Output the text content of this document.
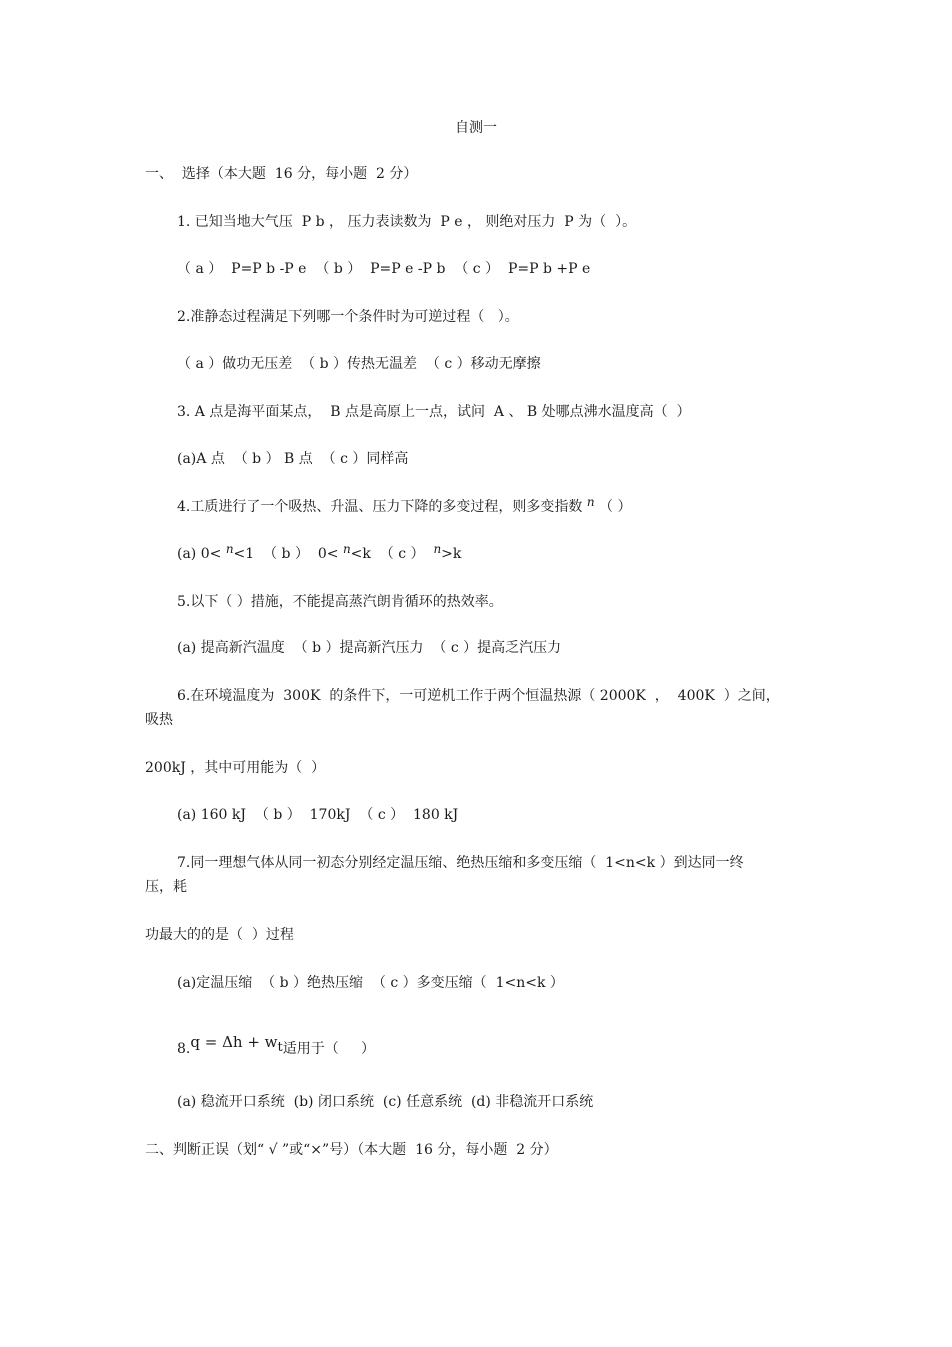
自测一
一、  选择（本大题  16 分，每小题  2 分）
1. 已知当地大气压  P b ， 压力表读数为  P e ， 则绝对压力  P 为（  ）。
（ a ）  P=P b -P e  （ b ）  P=P e -P b  （ c ）  P=P b +P e
2.准静态过程满足下列哪一个条件时为可逆过程（   ）。
（ a ）做功无压差  （ b ）传热无温差  （ c ）移动无摩擦
3. A 点是海平面某点，  B 点是高原上一点，试问  A 、 B 处哪点沸水温度高（  ）
(a)A 点  （ b ） B 点  （ c ）同样高
4.工质进行了一个吸热、升温、压力下降的多变过程，则多变指数 n （ ）
(a) 0< n<1  （ b ）  0< n<k  （ c ）  n>k
5.以下（ ）措施，不能提高蒸汽朗肯循环的热效率。
(a) 提高新汽温度  （ b ）提高新汽压力  （ c ）提高乏汽压力
6.在环境温度为  300K  的条件下，一可逆机工作于两个恒温热源（ 2000K  ，  400K  ）之间，
吸热
200kJ ，其中可用能为（  ）
(a) 160 kJ  （ b ）  170kJ  （ c ）  180 kJ
7.同一理想气体从同一初态分别经定温压缩、绝热压缩和多变压缩（  1<n<k ）到达同一终
压，耗
功最大的的是（  ）过程
(a)定温压缩  （ b ）绝热压缩  （ c ）多变压缩（  1<n<k ）
$8.q = \Delta h + w_t$适用于（     ）
(a) 稳流开口系统  (b) 闭口系统  (c) 任意系统  (d) 非稳流开口系统
二、判断正误（划“ √ ”或“×”号）（本大题  16 分，每小题  2 分）
